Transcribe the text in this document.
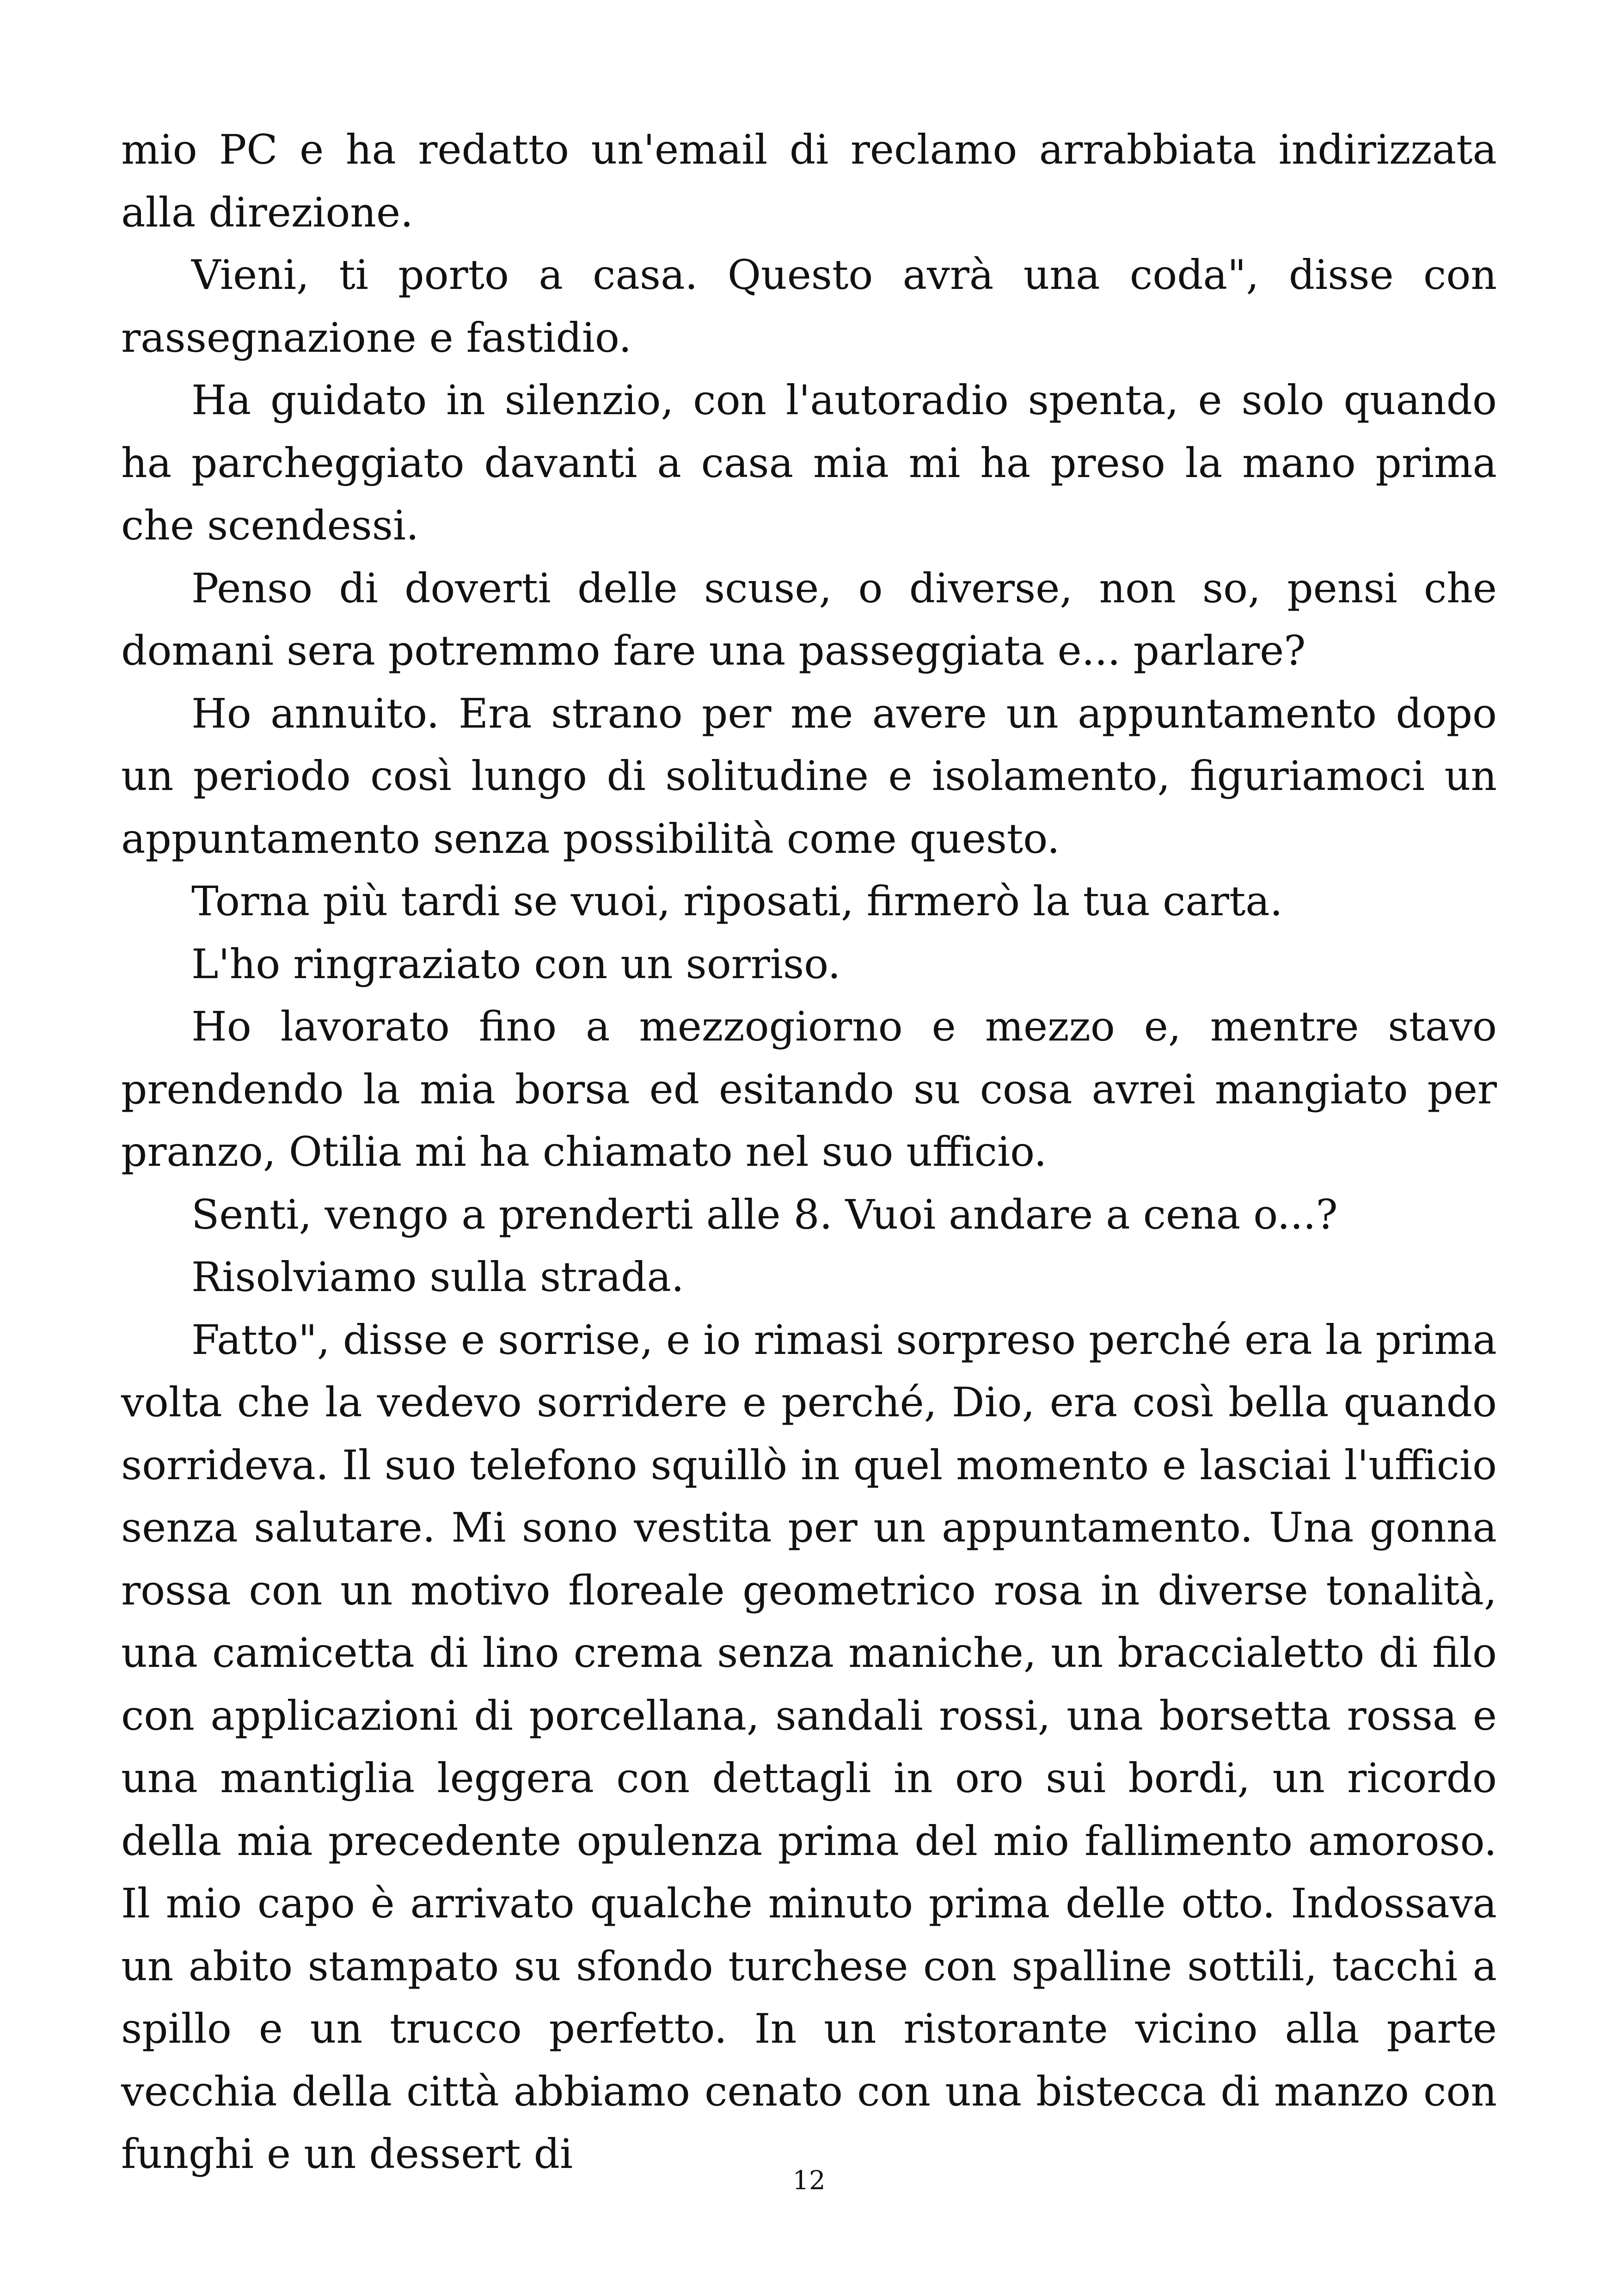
mio PC e ha redatto un'email di reclamo arrabbiata indirizzata alla direzione.

Vieni, ti porto a casa. Questo avrà una coda", disse con rassegnazione e fastidio.

Ha guidato in silenzio, con l'autoradio spenta, e solo quando ha parcheggiato davanti a casa mia mi ha preso la mano prima che scendessi.

Penso di doverti delle scuse, o diverse, non so, pensi che domani sera potremmo fare una passeggiata e... parlare?

Ho annuito. Era strano per me avere un appuntamento dopo un periodo così lungo di solitudine e isolamento, figuriamoci un appuntamento senza possibilità come questo.

Torna più tardi se vuoi, riposati, firmerò la tua carta.

L'ho ringraziato con un sorriso.

Ho lavorato fino a mezzogiorno e mezzo e, mentre stavo prendendo la mia borsa ed esitando su cosa avrei mangiato per pranzo, Otilia mi ha chiamato nel suo ufficio.

Senti, vengo a prenderti alle 8. Vuoi andare a cena o...?

Risolviamo sulla strada.

Fatto", disse e sorrise, e io rimasi sorpreso perché era la prima volta che la vedevo sorridere e perché, Dio, era così bella quando sorrideva. Il suo telefono squillò in quel momento e lasciai l'ufficio senza salutare. Mi sono vestita per un appuntamento. Una gonna rossa con un motivo floreale geometrico rosa in diverse tonalità, una camicetta di lino crema senza maniche, un braccialetto di filo con applicazioni di porcellana, sandali rossi, una borsetta rossa e una mantiglia leggera con dettagli in oro sui bordi, un ricordo della mia precedente opulenza prima del mio fallimento amoroso. Il mio capo è arrivato qualche minuto prima delle otto. Indossava un abito stampato su sfondo turchese con spalline sottili, tacchi a spillo e un trucco perfetto. In un ristorante vicino alla parte vecchia della città abbiamo cenato con una bistecca di manzo con funghi e un dessert di

12
